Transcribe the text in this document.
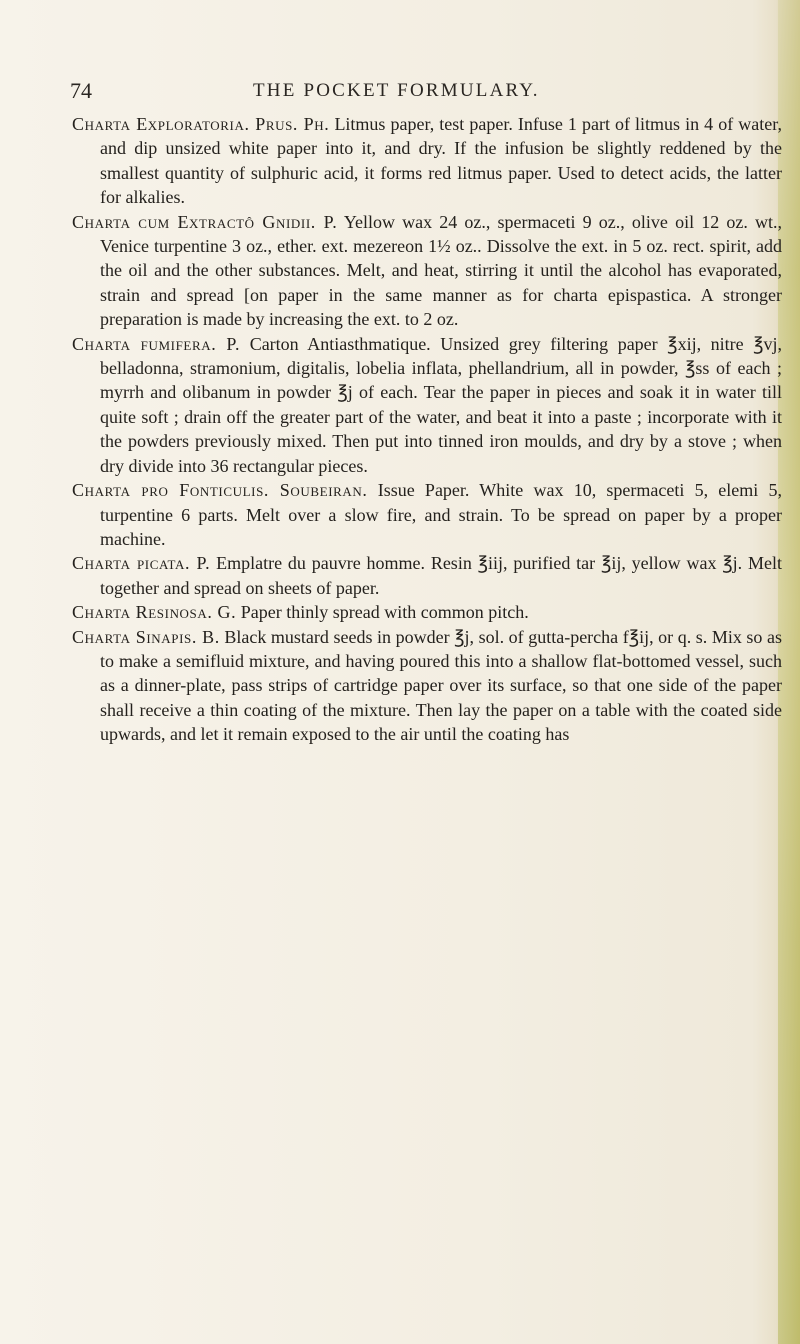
74	THE POCKET FORMULARY.

Charta Exploratoria. Prus. Ph. Litmus paper, test paper. Infuse 1 part of litmus in 4 of water, and dip unsized white paper into it, and dry. If the infusion be slightly reddened by the smallest quantity of sulphuric acid, it forms red litmus paper. Used to detect acids, the latter for alkalies.

Charta cum Extractô Gnidii. P. Yellow wax 24 oz., spermaceti 9 oz., olive oil 12 oz. wt., Venice turpentine 3 oz., ether. ext. mezereon 1½ oz.. Dissolve the ext. in 5 oz. rect. spirit, add the oil and the other substances. Melt, and heat, stirring it until the alcohol has evaporated, strain and spread [on paper in the same manner as for charta epispastica. A stronger preparation is made by increasing the ext. to 2 oz.

Charta fumifera. P. Carton Antiasthmatique. Unsized grey filtering paper ℥xij, nitre ℥vj, belladonna, stramonium, digitalis, lobelia inflata, phellandrium, all in powder, ℥ss of each ; myrrh and olibanum in powder ℥j of each. Tear the paper in pieces and soak it in water till quite soft ; drain off the greater part of the water, and beat it into a paste ; incorporate with it the powders previously mixed. Then put into tinned iron moulds, and dry by a stove ; when dry divide into 36 rectangular pieces.

Charta pro Fonticulis. Soubeiran. Issue Paper. White wax 10, spermaceti 5, elemi 5, turpentine 6 parts. Melt over a slow fire, and strain. To be spread on paper by a proper machine.

Charta picata. P. Emplatre du pauvre homme. Resin ℥iij, purified tar ℥ij, yellow wax ℥j. Melt together and spread on sheets of paper.

Charta Resinosa. G. Paper thinly spread with common pitch.

Charta Sinapis. B. Black mustard seeds in powder ℥j, sol. of gutta-percha f℥ij, or q. s. Mix so as to make a semifluid mixture, and having poured this into a shallow flat-bottomed vessel, such as a dinner-plate, pass strips of cartridge paper over its surface, so that one side of the paper shall receive a thin coating of the mixture. Then lay the paper on a table with the coated side upwards, and let it remain exposed to the air until the coating has
